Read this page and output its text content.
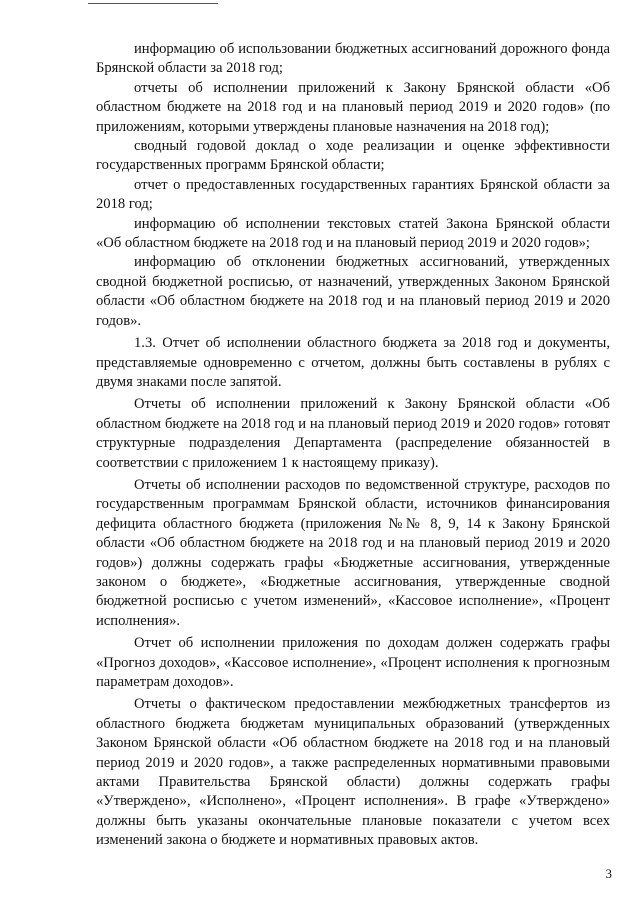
информацию об использовании бюджетных ассигнований дорожного фонда Брянской области за 2018 год;

отчеты об исполнении приложений к Закону Брянской области «Об областном бюджете на 2018 год и на плановый период 2019 и 2020 годов» (по приложениям, которыми утверждены плановые назначения на 2018 год);

сводный годовой доклад о ходе реализации и оценке эффективности государственных программ Брянской области;

отчет о предоставленных государственных гарантиях Брянской области за 2018 год;

информацию об исполнении текстовых статей Закона Брянской области «Об областном бюджете на 2018 год и на плановый период 2019 и 2020 годов»;

информацию об отклонении бюджетных ассигнований, утвержденных сводной бюджетной росписью, от назначений, утвержденных Законом Брянской области «Об областном бюджете на 2018 год и на плановый период 2019 и 2020 годов».

1.3. Отчет об исполнении областного бюджета за 2018 год и документы, представляемые одновременно с отчетом, должны быть составлены в рублях с двумя знаками после запятой.

Отчеты об исполнении приложений к Закону Брянской области «Об областном бюджете на 2018 год и на плановый период 2019 и 2020 годов» готовят структурные подразделения Департамента (распределение обязанностей в соответствии с приложением 1 к настоящему приказу).

Отчеты об исполнении расходов по ведомственной структуре, расходов по государственным программам Брянской области, источников финансирования дефицита областного бюджета (приложения №№ 8, 9, 14 к Закону Брянской области «Об областном бюджете на 2018 год и на плановый период 2019 и 2020 годов») должны содержать графы «Бюджетные ассигнования, утвержденные законом о бюджете», «Бюджетные ассигнования, утвержденные сводной бюджетной росписью с учетом изменений», «Кассовое исполнение», «Процент исполнения».

Отчет об исполнении приложения по доходам должен содержать графы «Прогноз доходов», «Кассовое исполнение», «Процент исполнения к прогнозным параметрам доходов».

Отчеты о фактическом предоставлении межбюджетных трансфертов из областного бюджета бюджетам муниципальных образований (утвержденных Законом Брянской области «Об областном бюджете на 2018 год и на плановый период 2019 и 2020 годов», а также распределенных нормативными правовыми актами Правительства Брянской области) должны содержать графы «Утверждено», «Исполнено», «Процент исполнения». В графе «Утверждено» должны быть указаны окончательные плановые показатели с учетом всех изменений закона о бюджете и нормативных правовых актов.

3
